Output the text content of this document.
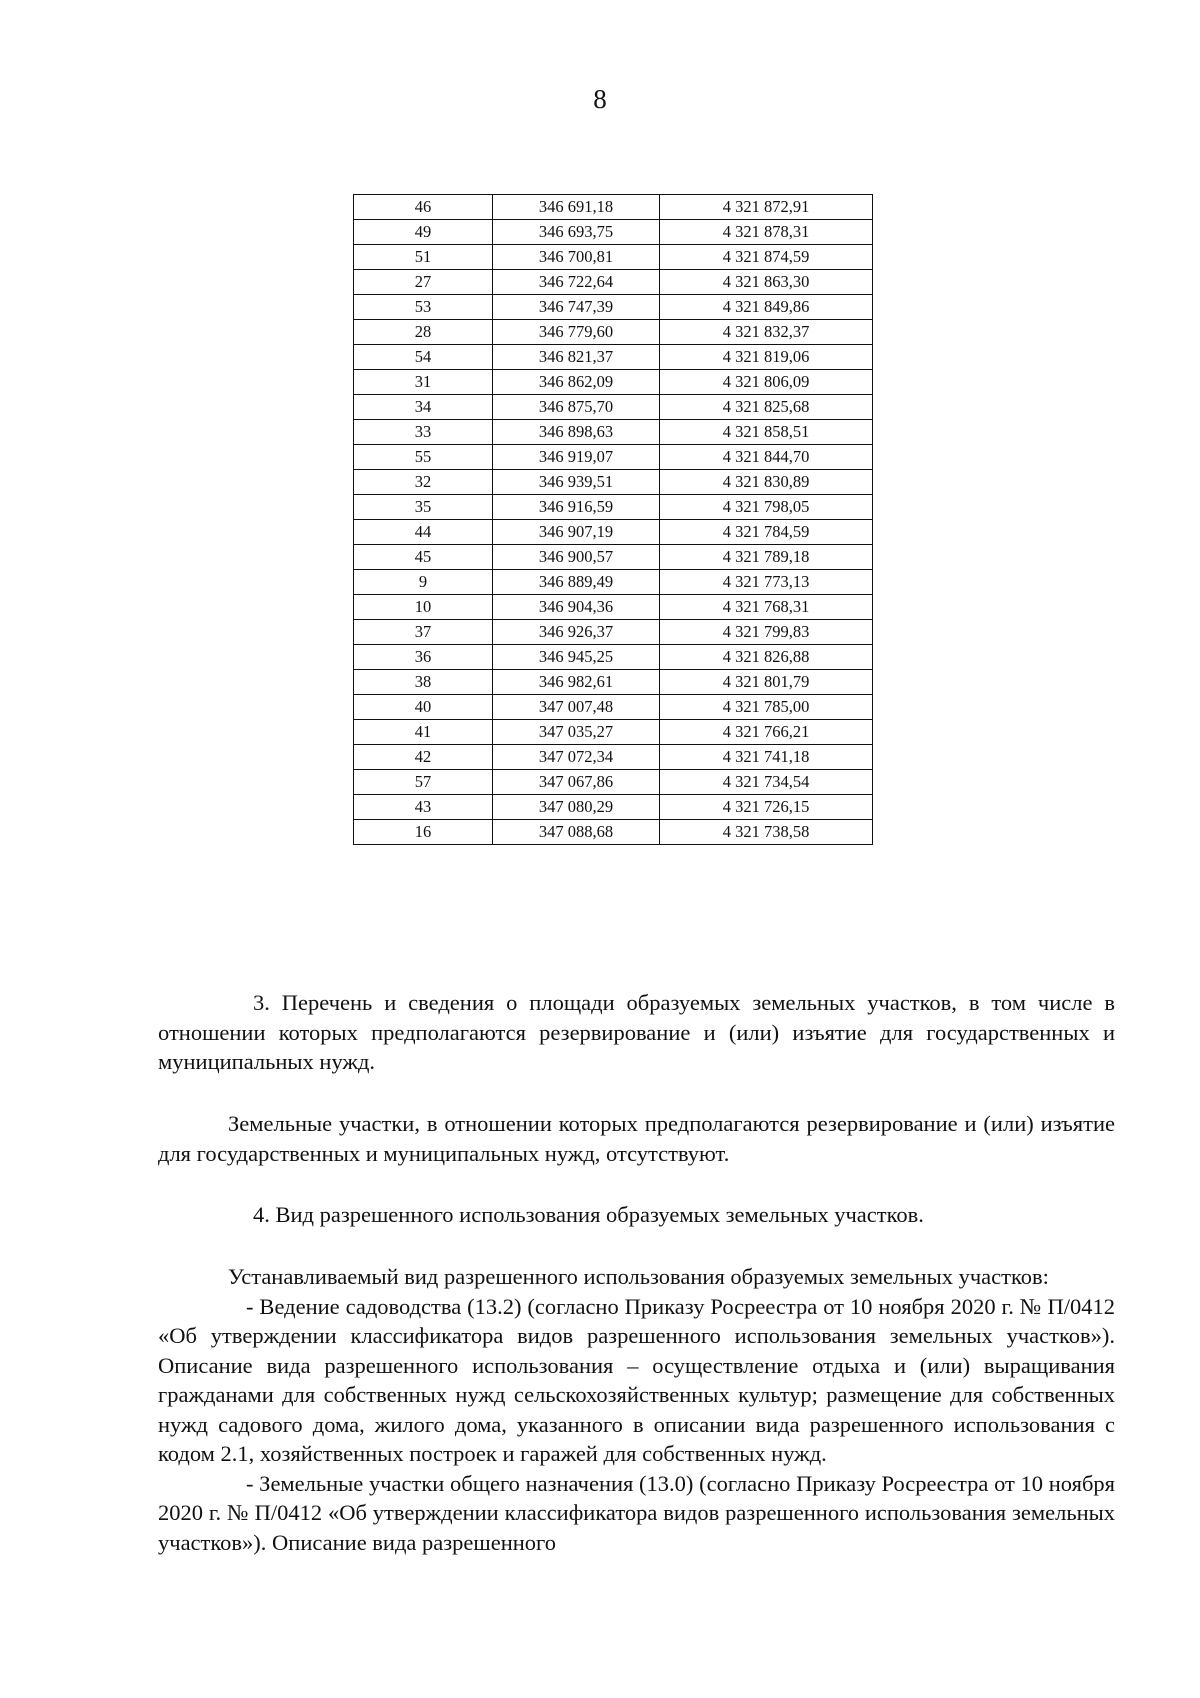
8
46	346 691,18	4 321 872,91
49	346 693,75	4 321 878,31
51	346 700,81	4 321 874,59
27	346 722,64	4 321 863,30
53	346 747,39	4 321 849,86
28	346 779,60	4 321 832,37
54	346 821,37	4 321 819,06
31	346 862,09	4 321 806,09
34	346 875,70	4 321 825,68
33	346 898,63	4 321 858,51
55	346 919,07	4 321 844,70
32	346 939,51	4 321 830,89
35	346 916,59	4 321 798,05
44	346 907,19	4 321 784,59
45	346 900,57	4 321 789,18
9	346 889,49	4 321 773,13
10	346 904,36	4 321 768,31
37	346 926,37	4 321 799,83
36	346 945,25	4 321 826,88
38	346 982,61	4 321 801,79
40	347 007,48	4 321 785,00
41	347 035,27	4 321 766,21
42	347 072,34	4 321 741,18
57	347 067,86	4 321 734,54
43	347 080,29	4 321 726,15
16	347 088,68	4 321 738,58

3. Перечень и сведения о площади образуемых земельных участков, в том числе в отношении которых предполагаются резервирование и (или) изъятие для государственных и муниципальных нужд.

Земельные участки, в отношении которых предполагаются резервирование и (или) изъятие для государственных и муниципальных нужд, отсутствуют.

4. Вид разрешенного использования образуемых земельных участков.

Устанавливаемый вид разрешенного использования образуемых земельных участков:

- Ведение садоводства (13.2) (согласно Приказу Росреестра от 10 ноября 2020 г. № П/0412 «Об утверждении классификатора видов разрешенного использования земельных участков»). Описание вида разрешенного использования – осуществление отдыха и (или) выращивания гражданами для собственных нужд сельскохозяйственных культур; размещение для собственных нужд садового дома, жилого дома, указанного в описании вида разрешенного использования с кодом 2.1, хозяйственных построек и гаражей для собственных нужд.

- Земельные участки общего назначения (13.0) (согласно Приказу Росреестра от 10 ноября 2020 г. № П/0412 «Об утверждении классификатора видов разрешенного использования земельных участков»). Описание вида разрешенного
